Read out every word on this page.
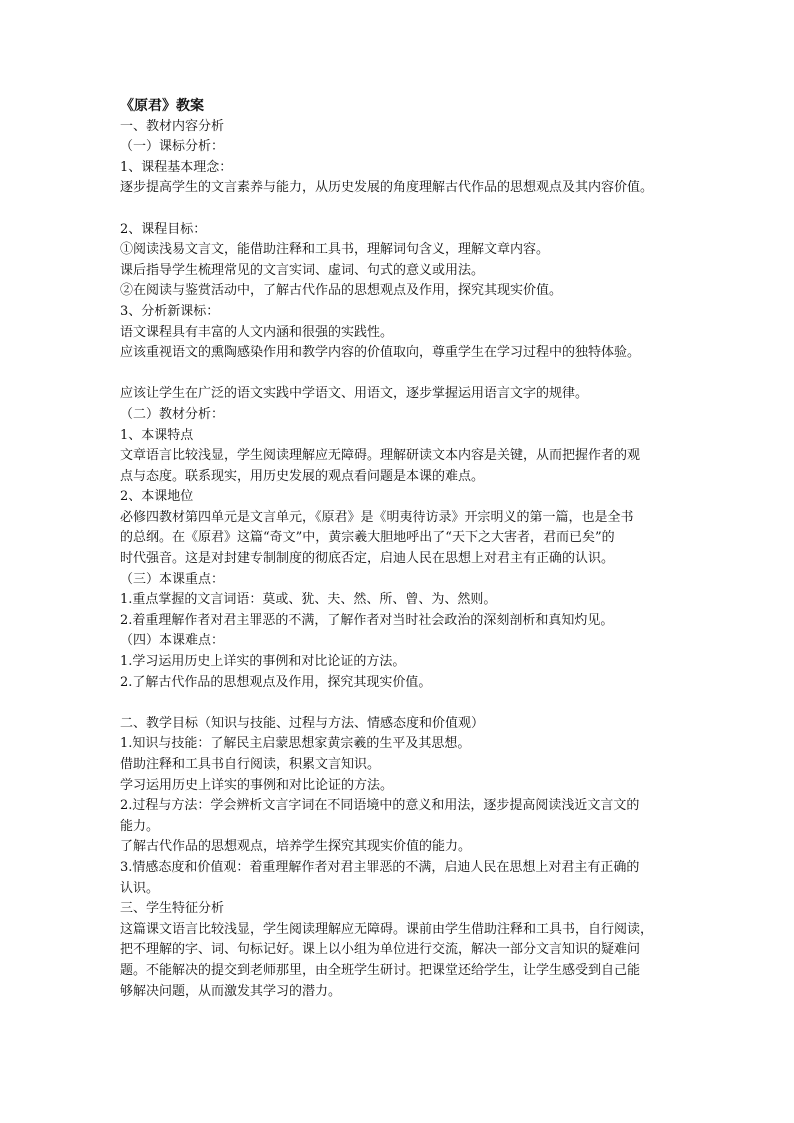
《原君》教案
一、教材内容分析
（一）课标分析：
1、课程基本理念：
逐步提高学生的文言素养与能力，从历史发展的角度理解古代作品的思想观点及其内容价值。
2、课程目标：
①阅读浅易文言文，能借助注释和工具书，理解词句含义，理解文章内容。
课后指导学生梳理常见的文言实词、虚词、句式的意义或用法。
②在阅读与鉴赏活动中，了解古代作品的思想观点及作用，探究其现实价值。
3、分析新课标：
语文课程具有丰富的人文内涵和很强的实践性。
应该重视语文的熏陶感染作用和教学内容的价值取向，尊重学生在学习过程中的独特体验。
应该让学生在广泛的语文实践中学语文、用语文，逐步掌握运用语言文字的规律。
（二）教材分析：
1、本课特点
文章语言比较浅显，学生阅读理解应无障碍。理解研读文本内容是关键，从而把握作者的观
点与态度。联系现实，用历史发展的观点看问题是本课的难点。
2、本课地位
必修四教材第四单元是文言单元，《原君》是《明夷待访录》开宗明义的第一篇，也是全书
的总纲。在《原君》这篇“奇文”中，黄宗羲大胆地呼出了“天下之大害者，君而已矣”的
时代强音。这是对封建专制制度的彻底否定，启迪人民在思想上对君主有正确的认识。
（三）本课重点：
1.重点掌握的文言词语：莫或、犹、夫、然、所、曾、为、然则。
2.着重理解作者对君主罪恶的不满，了解作者对当时社会政治的深刻剖析和真知灼见。
（四）本课难点：
1.学习运用历史上详实的事例和对比论证的方法。
2.了解古代作品的思想观点及作用，探究其现实价值。
二、教学目标（知识与技能、过程与方法、情感态度和价值观）
1.知识与技能：了解民主启蒙思想家黄宗羲的生平及其思想。
借助注释和工具书自行阅读，积累文言知识。
学习运用历史上详实的事例和对比论证的方法。
2.过程与方法：学会辨析文言字词在不同语境中的意义和用法，逐步提高阅读浅近文言文的
能力。
了解古代作品的思想观点，培养学生探究其现实价值的能力。
3.情感态度和价值观：着重理解作者对君主罪恶的不满，启迪人民在思想上对君主有正确的
认识。
三、学生特征分析
这篇课文语言比较浅显，学生阅读理解应无障碍。课前由学生借助注释和工具书，自行阅读，
把不理解的字、词、句标记好。课上以小组为单位进行交流，解决一部分文言知识的疑难问
题。不能解决的提交到老师那里，由全班学生研讨。把课堂还给学生，让学生感受到自己能
够解决问题，从而激发其学习的潜力。
